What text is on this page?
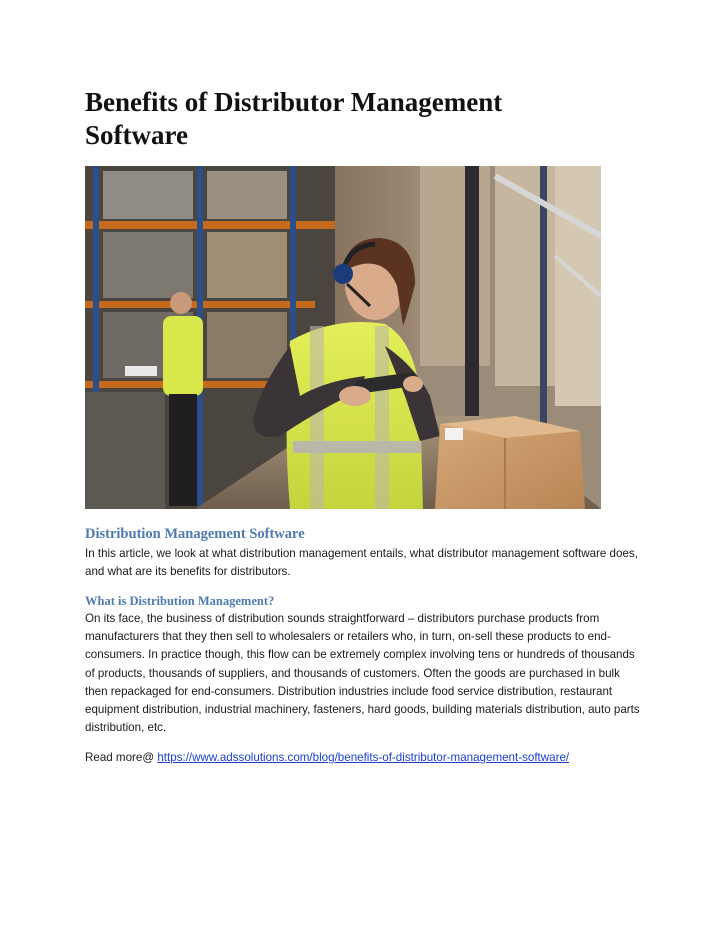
Benefits of Distributor Management Software
Distribution Management Software

In this article, we look at what distribution management entails, what distributor management software does, and what are its benefits for distributors.

What is Distribution Management?

On its face, the business of distribution sounds straightforward – distributors purchase products from manufacturers that they then sell to wholesalers or retailers who, in turn, on-sell these products to end-consumers. In practice though, this flow can be extremely complex involving tens or hundreds of thousands of products, thousands of suppliers, and thousands of customers. Often the goods are purchased in bulk then repackaged for end-consumers. Distribution industries include food service distribution, restaurant equipment distribution, industrial machinery, fasteners, hard goods, building materials distribution, auto parts distribution, etc.

Read more@ https://www.adssolutions.com/blog/benefits-of-distributor-management-software/
